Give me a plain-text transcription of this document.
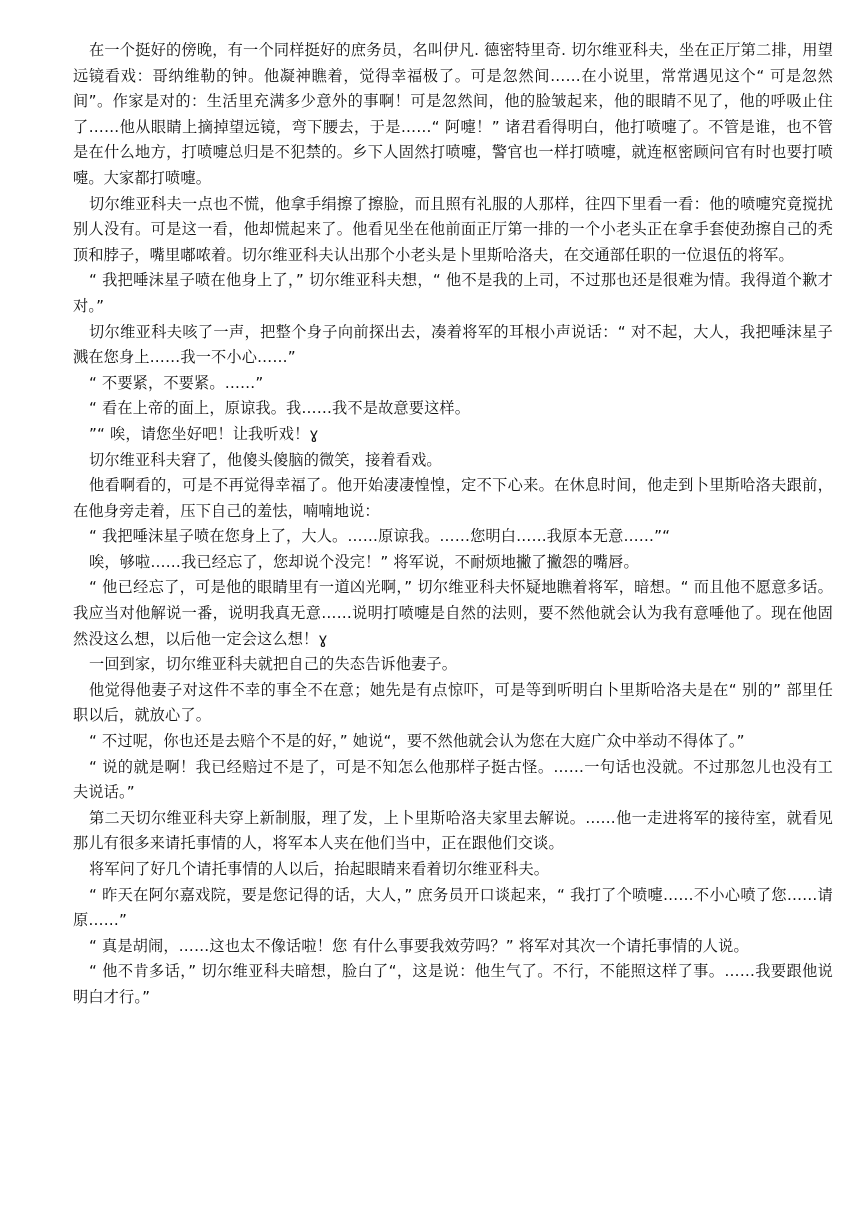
在一个挺好的傍晚，有一个同样挺好的庶务员，名叫伊凡. 德密特里奇. 切尔维亚科夫，坐在正厅第二排，用望远镜看戏：哥纳维勒的钟。他凝神瞧着，觉得幸福极了。可是忽然间……在小说里，常常遇见这个“ 可是忽然间”。作家是对的：生活里充满多少意外的事啊！可是忽然间，他的脸皱起来，他的眼睛不见了，他的呼吸止住了……他从眼睛上摘掉望远镜，弯下腰去，于是……“ 阿嚏！” 诸君看得明白，他打喷嚏了。不管是谁，也不管是在什么地方，打喷嚏总归是不犯禁的。乡下人固然打喷嚏，警官也一样打喷嚏，就连枢密顾问官有时也要打喷嚏。大家都打喷嚏。

切尔维亚科夫一点也不慌，他拿手绢擦了擦脸，而且照有礼服的人那样，往四下里看一看：他的喷嚏究竟搅扰别人没有。可是这一看，他却慌起来了。他看见坐在他前面正厅第一排的一个小老头正在拿手套使劲擦自己的秃顶和脖子，嘴里嘟哝着。切尔维亚科夫认出那个小老头是卜里斯哈洛夫，在交通部任职的一位退伍的将军。

“ 我把唾沫星子喷在他身上了，” 切尔维亚科夫想，“ 他不是我的上司，不过那也还是很难为情。我得道个歉才对。”

切尔维亚科夫咳了一声，把整个身子向前探出去，凑着将军的耳根小声说话：“ 对不起，大人，我把唾沫星子溅在您身上……我一不小心……”

“ 不要紧，不要紧。……”

“ 看在上帝的面上，原谅我。我……我不是故意要这样。

”“ 唉，请您坐好吧！让我听戏！ɣ

切尔维亚科夫窘了，他傻头傻脑的微笑，接着看戏。

他看啊看的，可是不再觉得幸福了。他开始凄凄惶惶，定不下心来。在休息时间，他走到卜里斯哈洛夫跟前，在他身旁走着，压下自己的羞怯，喃喃地说：

“ 我把唾沫星子喷在您身上了，大人。……原谅我。……您明白……我原本无意……”“

唉，够啦……我已经忘了，您却说个没完！” 将军说，不耐烦地撇了撇怨的嘴唇。

“ 他已经忘了，可是他的眼睛里有一道凶光啊，” 切尔维亚科夫怀疑地瞧着将军，暗想。“ 而且他不愿意多话。我应当对他解说一番，说明我真无意……说明打喷嚏是自然的法则，要不然他就会认为我有意唾他了。现在他固然没这么想，以后他一定会这么想！ɣ

一回到家，切尔维亚科夫就把自己的失态告诉他妻子。

他觉得他妻子对这件不幸的事全不在意；她先是有点惊吓，可是等到听明白卜里斯哈洛夫是在“ 别的” 部里任职以后，就放心了。

“ 不过呢，你也还是去赔个不是的好，” 她说“，要不然他就会认为您在大庭广众中举动不得体了。”

“ 说的就是啊！我已经赔过不是了，可是不知怎么他那样子挺古怪。……一句话也没就。不过那忽儿也没有工夫说话。”

第二天切尔维亚科夫穿上新制服，理了发，上卜里斯哈洛夫家里去解说。……他一走进将军的接待室，就看见那儿有很多来请托事情的人，将军本人夹在他们当中，正在跟他们交谈。

将军问了好几个请托事情的人以后，抬起眼睛来看着切尔维亚科夫。

“ 昨天在阿尔嘉戏院，要是您记得的话，大人，” 庶务员开口谈起来，“ 我打了个喷嚏……不小心喷了您……请原……”

“ 真是胡闹，……这也太不像话啦！您 有什么事要我效劳吗？” 将军对其次一个请托事情的人说。

“ 他不肯多话，” 切尔维亚科夫暗想，脸白了“，这是说：他生气了。不行，不能照这样了事。……我要跟他说明白才行。”
